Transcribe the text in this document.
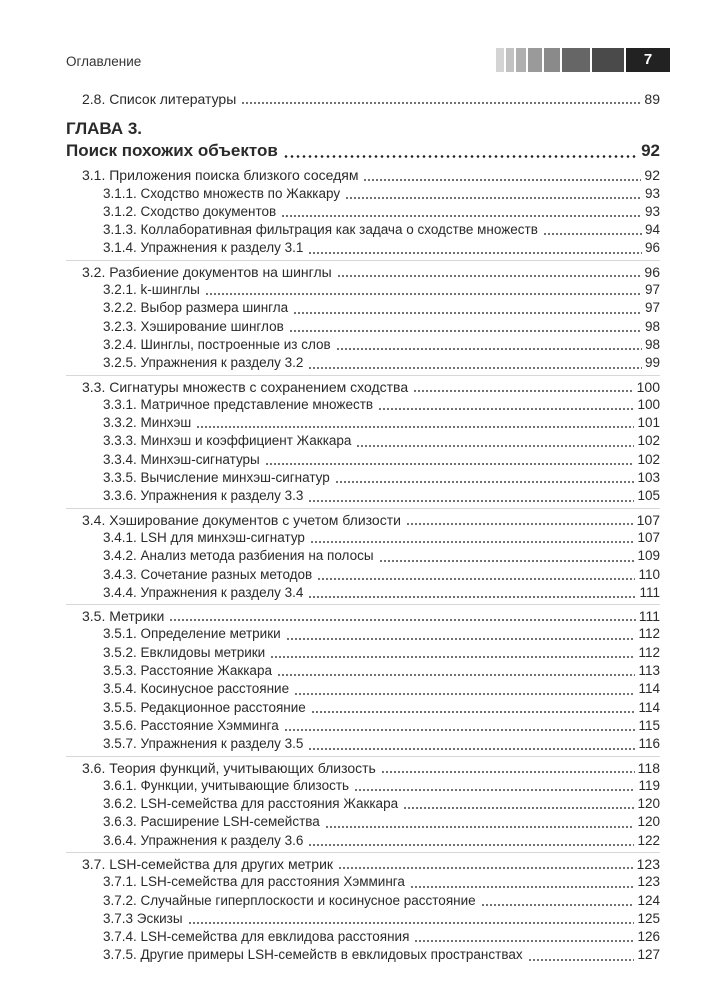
Оглавление	7
2.8. Список литературы	89
ГЛАВА 3.
Поиск похожих объектов	92
3.1. Приложения поиска близкого соседям	92
3.1.1. Сходство множеств по Жаккару	93
3.1.2. Сходство документов	93
3.1.3. Коллаборативная фильтрация как задача о сходстве множеств	94
3.1.4. Упражнения к разделу 3.1	96
3.2. Разбиение документов на шинглы	96
3.2.1. k-шинглы	97
3.2.2. Выбор размера шингла	97
3.2.3. Хэширование шинглов	98
3.2.4. Шинглы, построенные из слов	98
3.2.5. Упражнения к разделу 3.2	99
3.3. Сигнатуры множеств с сохранением сходства	100
3.3.1. Матричное представление множеств	100
3.3.2. Минхэш	101
3.3.3. Минхэш и коэффициент Жаккара	102
3.3.4. Минхэш-сигнатуры	102
3.3.5. Вычисление минхэш-сигнатур	103
3.3.6. Упражнения к разделу 3.3	105
3.4. Хэширование документов с учетом близости	107
3.4.1. LSH для минхэш-сигнатур	107
3.4.2. Анализ метода разбиения на полосы	109
3.4.3. Сочетание разных методов	110
3.4.4. Упражнения к разделу 3.4	111
3.5. Метрики	111
3.5.1. Определение метрики	112
3.5.2. Евклидовы метрики	112
3.5.3. Расстояние Жаккара	113
3.5.4. Косинусное расстояние	114
3.5.5. Редакционное расстояние	114
3.5.6. Расстояние Хэмминга	115
3.5.7. Упражнения к разделу 3.5	116
3.6. Теория функций, учитывающих близость	118
3.6.1. Функции, учитывающие близость	119
3.6.2. LSH-семейства для расстояния Жаккара	120
3.6.3. Расширение LSH-семейства	120
3.6.4. Упражнения к разделу 3.6	122
3.7. LSH-семейства для других метрик	123
3.7.1. LSH-семейства для расстояния Хэмминга	123
3.7.2. Случайные гиперплоскости и косинусное расстояние	124
3.7.3 Эскизы	125
3.7.4. LSH-семейства для евклидова расстояния	126
3.7.5. Другие примеры LSH-семейств в евклидовых пространствах	127
